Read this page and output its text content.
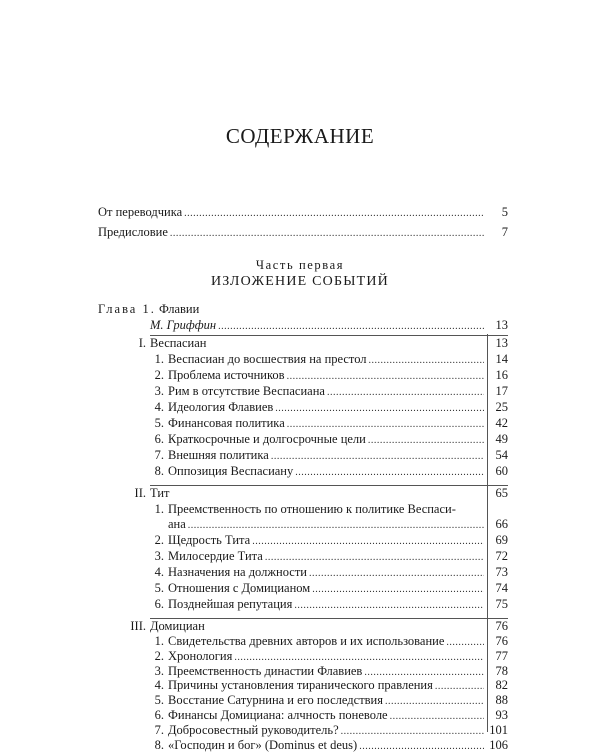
СОДЕРЖАНИЕ
От переводчика .....	5
Предисловие .....	7
Часть первая
ИЗЛОЖЕНИЕ СОБЫТИЙ
Глава 1. Флавии
М. Гриффин .....	13
I. Веспасиан	13
1. Веспасиан до восшествия на престол .....	14
2. Проблема источников .....	16
3. Рим в отсутствие Веспасиана .....	17
4. Идеология Флавиев .....	25
5. Финансовая политика .....	42
6. Краткосрочные и долгосрочные цели .....	49
7. Внешняя политика .....	54
8. Оппозиция Веспасиану .....	60
II. Тит	65
1. Преемственность по отношению к политике Веспаси-
ана .....	66
2. Щедрость Тита .....	69
3. Милосердие Тита .....	72
4. Назначения на должности .....	73
5. Отношения с Домицианом .....	74
6. Позднейшая репутация .....	75
III. Домициан	76
1. Свидетельства древних авторов и их использование .....	76
2. Хронология .....	77
3. Преемственность династии Флавиев .....	78
4. Причины установления тиранического правления .....	82
5. Восстание Сатурнина и его последствия .....	88
6. Финансы Домициана: алчность поневоле .....	93
7. Добросовестный руководитель? .....	101
8. «Господин и бог» (Dominus et deus) .....	106
